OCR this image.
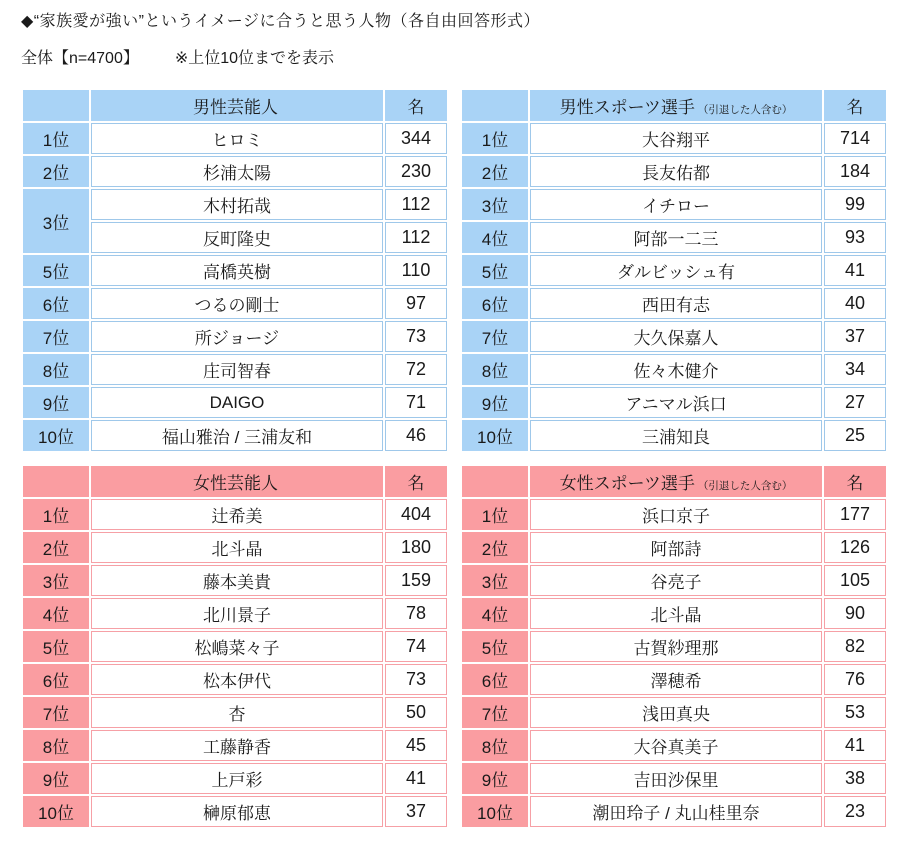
◆“家族愛が強い”というイメージに合うと思う人物（各自由回答形式）

全体【n=4700】 ※上位10位までを表示

	男性芸能人	名
1位	ヒロミ	344
2位	杉浦太陽	230
3位	木村拓哉	112
	反町隆史	112
5位	高橋英樹	110
6位	つるの剛士	97
7位	所ジョージ	73
8位	庄司智春	72
9位	DAIGO	71
10位	福山雅治 / 三浦友和	46
	男性スポーツ選手 （引退した人含む）	名
1位	大谷翔平	714
2位	長友佑都	184
3位	イチロー	99
4位	阿部一二三	93
5位	ダルビッシュ有	41
6位	西田有志	40
7位	大久保嘉人	37
8位	佐々木健介	34
9位	アニマル浜口	27
10位	三浦知良	25
	女性芸能人	名
1位	辻希美	404
2位	北斗晶	180
3位	藤本美貴	159
4位	北川景子	78
5位	松嶋菜々子	74
6位	松本伊代	73
7位	杏	50
8位	工藤静香	45
9位	上戸彩	41
10位	榊原郁恵	37
	女性スポーツ選手 （引退した人含む）	名
1位	浜口京子	177
2位	阿部詩	126
3位	谷亮子	105
4位	北斗晶	90
5位	古賀紗理那	82
6位	澤穂希	76
7位	浅田真央	53
8位	大谷真美子	41
9位	吉田沙保里	38
10位	潮田玲子 / 丸山桂里奈	23
